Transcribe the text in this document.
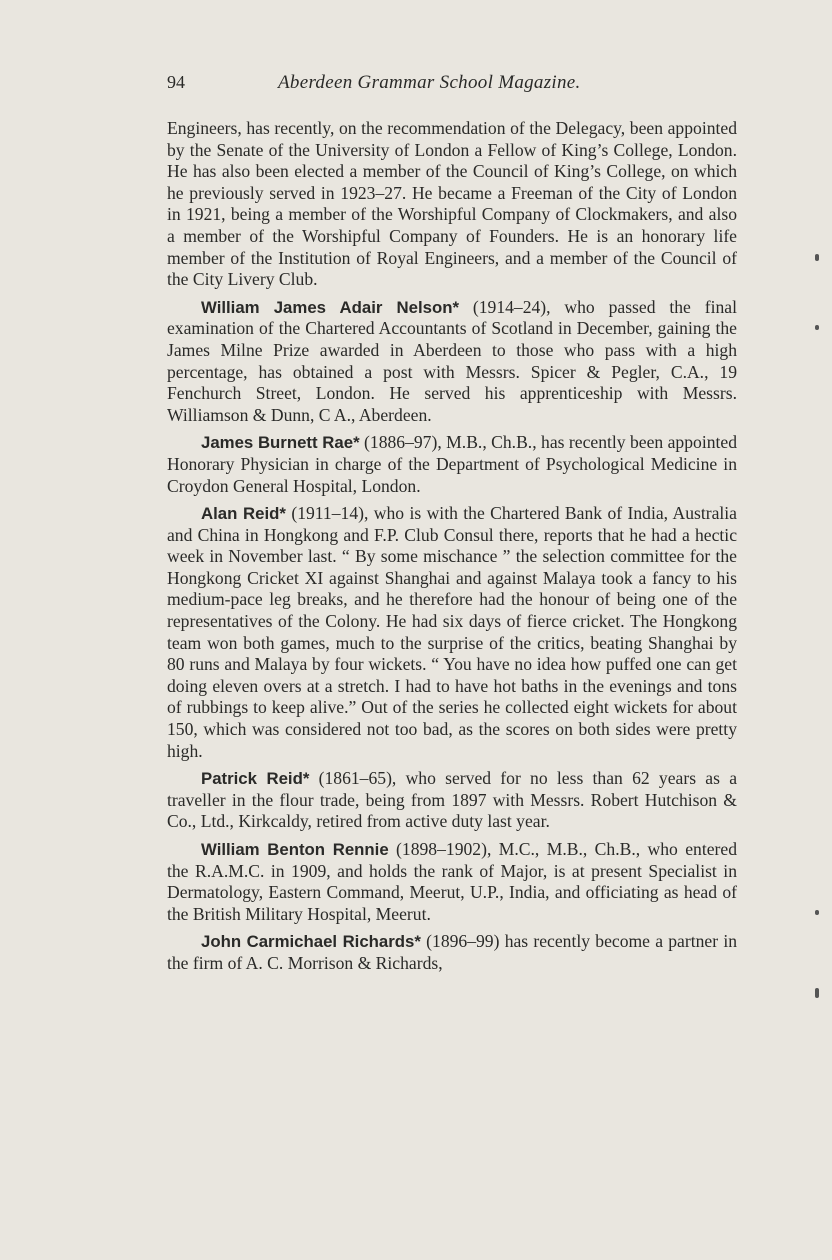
94	Aberdeen Grammar School Magazine.

Engineers, has recently, on the recommendation of the Delegacy, been appointed by the Senate of the University of London a Fellow of King’s College, London. He has also been elected a member of the Council of King’s College, on which he previously served in 1923–27. He became a Freeman of the City of London in 1921, being a member of the Worshipful Company of Clockmakers, and also a member of the Worshipful Company of Founders. He is an honorary life member of the Institution of Royal Engineers, and a member of the Council of the City Livery Club.

William James Adair Nelson* (1914–24), who passed the final examination of the Chartered Accountants of Scotland in December, gaining the James Milne Prize awarded in Aberdeen to those who pass with a high percentage, has obtained a post with Messrs. Spicer & Pegler, C.A., 19 Fenchurch Street, London. He served his apprenticeship with Messrs. Williamson & Dunn, C A., Aberdeen.

James Burnett Rae* (1886–97), M.B., Ch.B., has recently been appointed Honorary Physician in charge of the Department of Psychological Medicine in Croydon General Hospital, London.

Alan Reid* (1911–14), who is with the Chartered Bank of India, Australia and China in Hongkong and F.P. Club Consul there, reports that he had a hectic week in November last. “ By some mischance ” the selection committee for the Hongkong Cricket XI against Shanghai and against Malaya took a fancy to his medium-pace leg breaks, and he therefore had the honour of being one of the representatives of the Colony. He had six days of fierce cricket. The Hongkong team won both games, much to the surprise of the critics, beating Shanghai by 80 runs and Malaya by four wickets. “ You have no idea how puffed one can get doing eleven overs at a stretch. I had to have hot baths in the evenings and tons of rubbings to keep alive.” Out of the series he collected eight wickets for about 150, which was considered not too bad, as the scores on both sides were pretty high.

Patrick Reid* (1861–65), who served for no less than 62 years as a traveller in the flour trade, being from 1897 with Messrs. Robert Hutchison & Co., Ltd., Kirkcaldy, retired from active duty last year.

William Benton Rennie (1898–1902), M.C., M.B., Ch.B., who entered the R.A.M.C. in 1909, and holds the rank of Major, is at present Specialist in Dermatology, Eastern Command, Meerut, U.P., India, and officiating as head of the British Military Hospital, Meerut.

John Carmichael Richards* (1896–99) has recently become a partner in the firm of A. C. Morrison & Richards,
